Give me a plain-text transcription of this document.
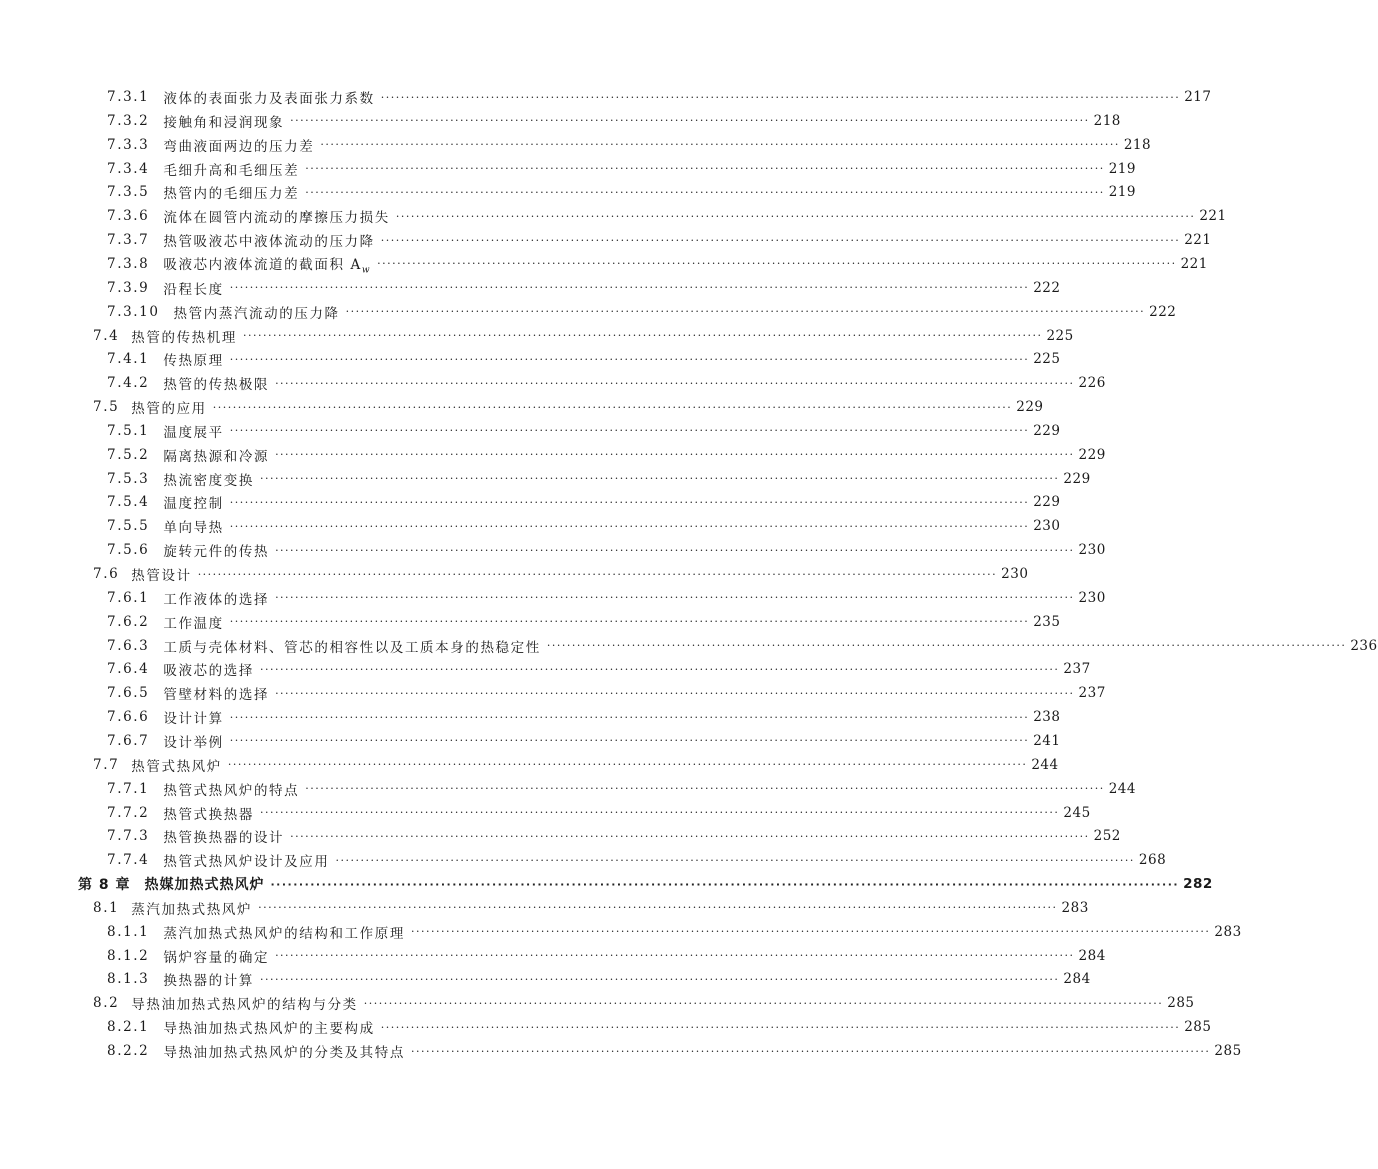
7.3.1	液体的表面张力及表面张力系数 ································································································································································ 217
7.3.2	接触角和浸润现象 ································································································································································ 218
7.3.3	弯曲液面两边的压力差 ································································································································································ 218
7.3.4	毛细升高和毛细压差 ································································································································································ 219
7.3.5	热管内的毛细压力差 ································································································································································ 219
7.3.6	流体在圆管内流动的摩擦压力损失 ································································································································································ 221
7.3.7	热管吸液芯中液体流动的压力降 ································································································································································ 221
7.3.8	吸液芯内液体流道的截面积 $A_w$ ································································································································································ 221
7.3.9	沿程长度 ································································································································································ 222
7.3.10	热管内蒸汽流动的压力降 ································································································································································ 222
7.4 热管的传热机理 ································································································································································ 225
7.4.1	传热原理 ································································································································································ 225
7.4.2	热管的传热极限 ································································································································································ 226
7.5 热管的应用 ································································································································································ 229
7.5.1	温度展平 ································································································································································ 229
7.5.2	隔离热源和冷源 ································································································································································ 229
7.5.3	热流密度变换 ································································································································································ 229
7.5.4	温度控制 ································································································································································ 229
7.5.5	单向导热 ································································································································································ 230
7.5.6	旋转元件的传热 ································································································································································ 230
7.6 热管设计 ································································································································································ 230
7.6.1	工作液体的选择 ································································································································································ 230
7.6.2	工作温度 ································································································································································ 235
7.6.3	工质与壳体材料、管芯的相容性以及工质本身的热稳定性 ································································································································································ 236
7.6.4	吸液芯的选择 ································································································································································ 237
7.6.5	管壁材料的选择 ································································································································································ 237
7.6.6	设计计算 ································································································································································ 238
7.6.7	设计举例 ································································································································································ 241
7.7 热管式热风炉 ································································································································································ 244
7.7.1	热管式热风炉的特点 ································································································································································ 244
7.7.2	热管式换热器 ································································································································································ 245
7.7.3	热管换热器的设计 ································································································································································ 252
7.7.4	热管式热风炉设计及应用 ································································································································································ 268
第 8 章	热媒加热式热风炉 ································································································································································ 282
8.1 蒸汽加热式热风炉 ································································································································································ 283
8.1.1	蒸汽加热式热风炉的结构和工作原理 ································································································································································ 283
8.1.2	锅炉容量的确定 ································································································································································ 284
8.1.3	换热器的计算 ································································································································································ 284
8.2 导热油加热式热风炉的结构与分类 ································································································································································ 285
8.2.1	导热油加热式热风炉的主要构成 ································································································································································ 285
8.2.2	导热油加热式热风炉的分类及其特点 ································································································································································ 285
